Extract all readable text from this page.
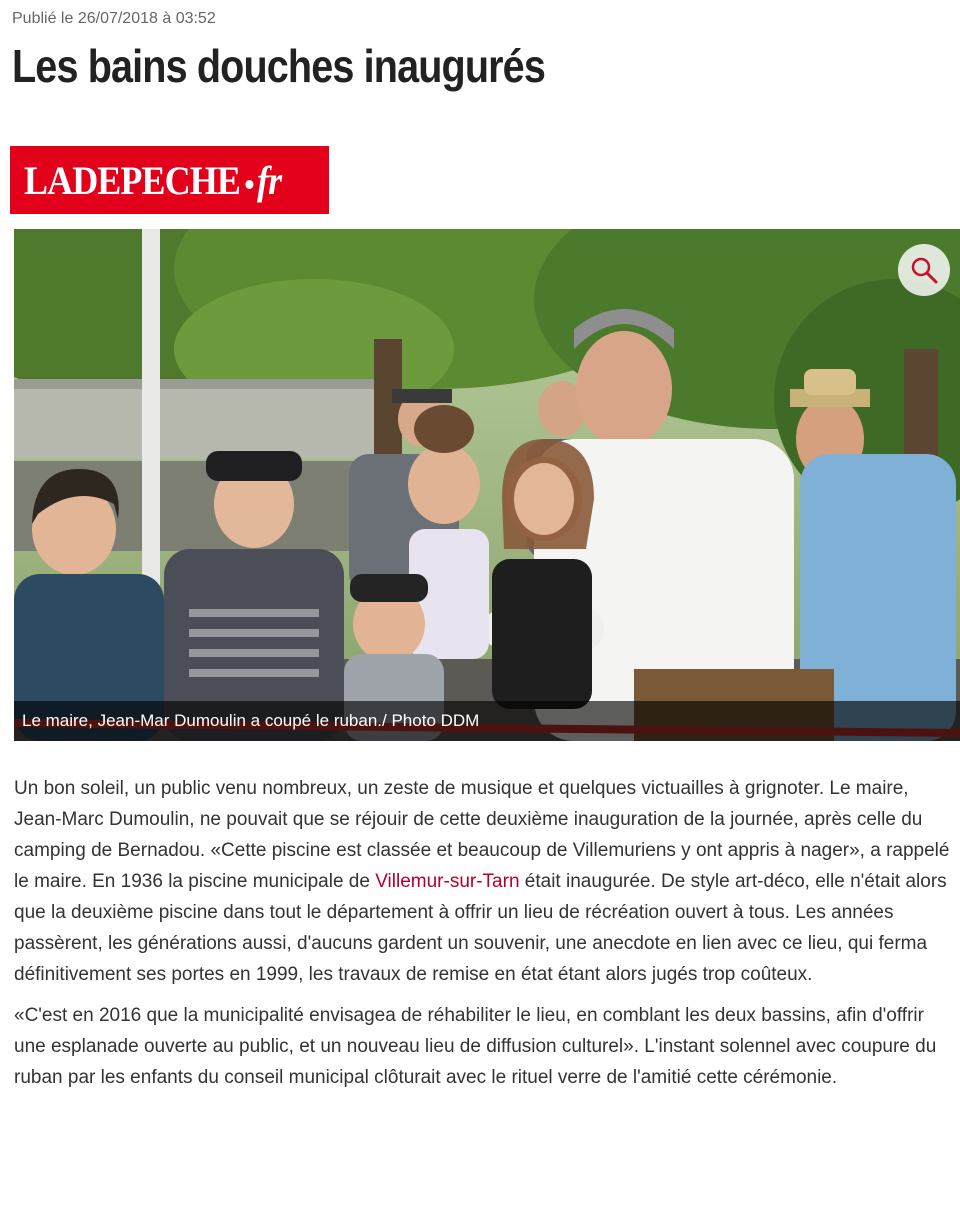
Publié le 26/07/2018 à 03:52
Les bains douches inaugurés
LADEPECHE fr
Le maire, Jean-Mar Dumoulin a coupé le ruban./ Photo DDM

Un bon soleil, un public venu nombreux, un zeste de musique et quelques victuailles à grignoter. Le maire, Jean-Marc Dumoulin, ne pouvait que se réjouir de cette deuxième inauguration de la journée, après celle du camping de Bernadou. «Cette piscine est classée et beaucoup de Villemuriens y ont appris à nager», a rappelé le maire. En 1936 la piscine municipale de Villemur-sur-Tarn était inaugurée. De style art-déco, elle n'était alors que la deuxième piscine dans tout le département à offrir un lieu de récréation ouvert à tous. Les années passèrent, les générations aussi, d'aucuns gardent un souvenir, une anecdote en lien avec ce lieu, qui ferma définitivement ses portes en 1999, les travaux de remise en état étant alors jugés trop coûteux.

«C'est en 2016 que la municipalité envisagea de réhabiliter le lieu, en comblant les deux bassins, afin d'offrir une esplanade ouverte au public, et un nouveau lieu de diffusion culturel». L'instant solennel avec coupure du ruban par les enfants du conseil municipal clôturait avec le rituel verre de l'amitié cette cérémonie.
